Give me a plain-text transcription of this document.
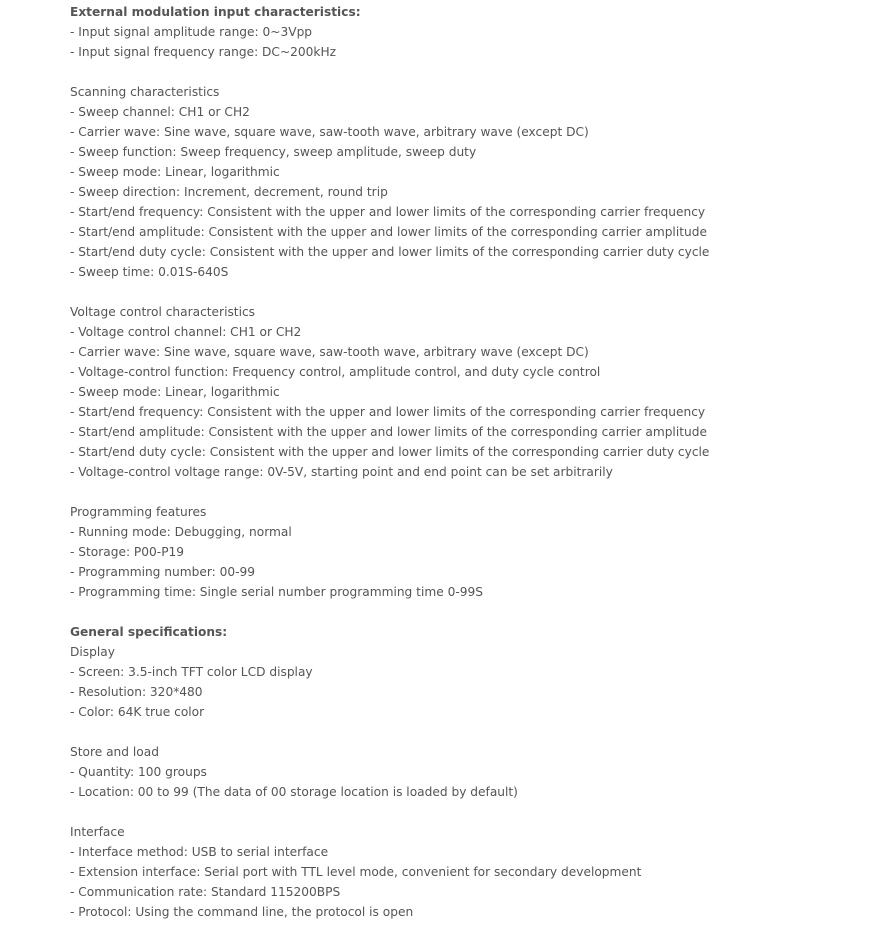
External modulation input characteristics:
- Input signal amplitude range: 0~3Vpp
- Input signal frequency range: DC~200kHz
Scanning characteristics
- Sweep channel: CH1 or CH2
- Carrier wave: Sine wave, square wave, saw-tooth wave, arbitrary wave (except DC)
- Sweep function: Sweep frequency, sweep amplitude, sweep duty
- Sweep mode: Linear, logarithmic
- Sweep direction: Increment, decrement, round trip
- Start/end frequency: Consistent with the upper and lower limits of the corresponding carrier frequency
- Start/end amplitude: Consistent with the upper and lower limits of the corresponding carrier amplitude
- Start/end duty cycle: Consistent with the upper and lower limits of the corresponding carrier duty cycle
- Sweep time: 0.01S-640S
Voltage control characteristics
- Voltage control channel: CH1 or CH2
- Carrier wave: Sine wave, square wave, saw-tooth wave, arbitrary wave (except DC)
- Voltage-control function: Frequency control, amplitude control, and duty cycle control
- Sweep mode: Linear, logarithmic
- Start/end frequency: Consistent with the upper and lower limits of the corresponding carrier frequency
- Start/end amplitude: Consistent with the upper and lower limits of the corresponding carrier amplitude
- Start/end duty cycle: Consistent with the upper and lower limits of the corresponding carrier duty cycle
- Voltage-control voltage range: 0V-5V, starting point and end point can be set arbitrarily
Programming features
- Running mode: Debugging, normal
- Storage: P00-P19
- Programming number: 00-99
- Programming time: Single serial number programming time 0-99S
General specifications:
Display
- Screen: 3.5-inch TFT color LCD display
- Resolution: 320*480
- Color: 64K true color
Store and load
- Quantity: 100 groups
- Location: 00 to 99 (The data of 00 storage location is loaded by default)
Interface
- Interface method: USB to serial interface
- Extension interface: Serial port with TTL level mode, convenient for secondary development
- Communication rate: Standard 115200BPS
- Protocol: Using the command line, the protocol is open
